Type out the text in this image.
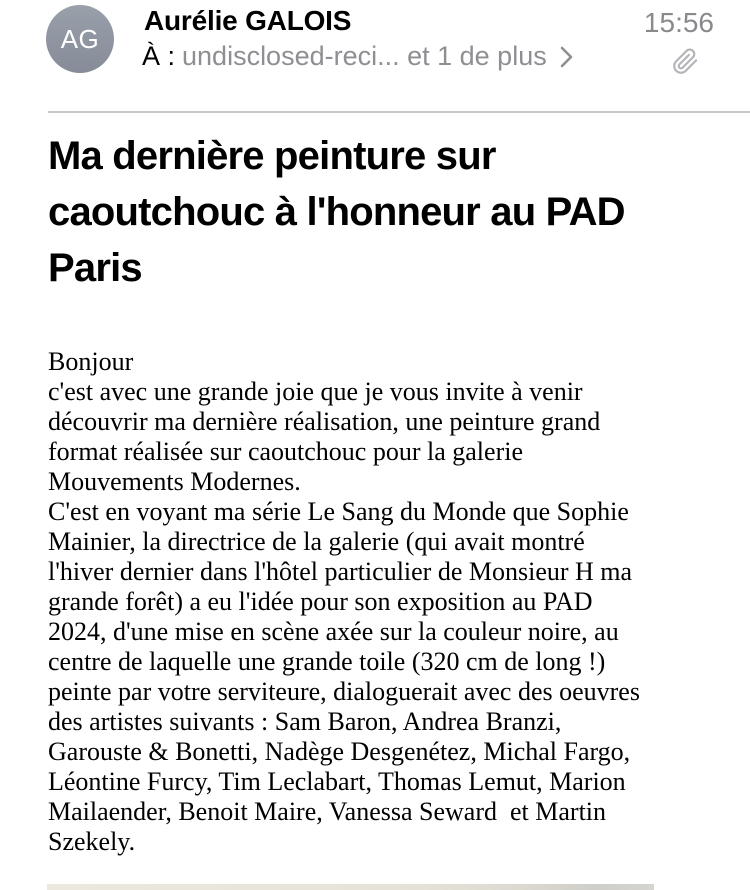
AG
Aurélie GALOIS	15:56
À : undisclosed-reci... et 1 de plus
Ma dernière peinture sur
caoutchouc à l'honneur au PAD
Paris
Bonjour
c'est avec une grande joie que je vous invite à venir
découvrir ma dernière réalisation, une peinture grand
format réalisée sur caoutchouc pour la galerie
Mouvements Modernes.
C'est en voyant ma série Le Sang du Monde que Sophie
Mainier, la directrice de la galerie (qui avait montré
l'hiver dernier dans l'hôtel particulier de Monsieur H ma
grande forêt) a eu l'idée pour son exposition au PAD
2024, d'une mise en scène axée sur la couleur noire, au
centre de laquelle une grande toile (320 cm de long !)
peinte par votre serviteure, dialoguerait avec des oeuvres
des artistes suivants : Sam Baron, Andrea Branzi,
Garouste & Bonetti, Nadège Desgenétez, Michal Fargo,
Léontine Furcy, Tim Leclabart, Thomas Lemut, Marion
Mailaender, Benoit Maire, Vanessa Seward  et Martin
Szekely.
